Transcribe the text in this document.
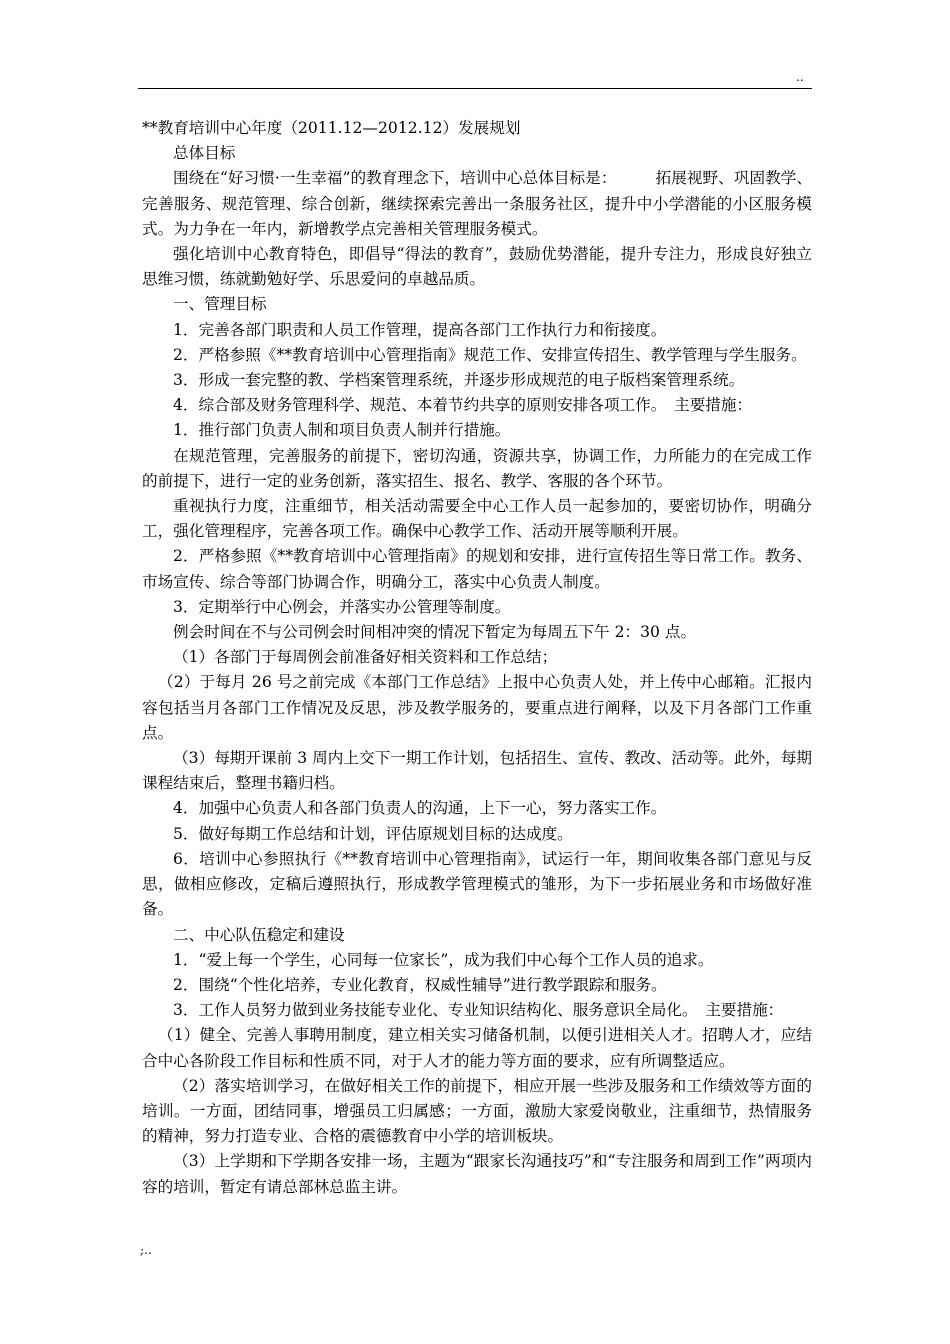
..

**教育培训中心年度（2011.12—2012.12）发展规划

总体目标

围绕在“好习惯·一生幸福”的教育理念下，培训中心总体目标是：　　　拓展视野、巩固教学、完善服务、规范管理、综合创新，继续探索完善出一条服务社区，提升中小学潜能的小区服务模式。为力争在一年内，新增教学点完善相关管理服务模式。

强化培训中心教育特色，即倡导“得法的教育”，鼓励优势潜能，提升专注力，形成良好独立思维习惯，练就勤勉好学、乐思爱问的卓越品质。

一、管理目标

1．完善各部门职责和人员工作管理，提高各部门工作执行力和衔接度。

2．严格参照《**教育培训中心管理指南》规范工作、安排宣传招生、教学管理与学生服务。

3．形成一套完整的教、学档案管理系统，并逐步形成规范的电子版档案管理系统。

4．综合部及财务管理科学、规范、本着节约共享的原则安排各项工作。　主要措施：

1．推行部门负责人制和项目负责人制并行措施。

在规范管理，完善服务的前提下，密切沟通，资源共享，协调工作，力所能力的在完成工作的前提下，进行一定的业务创新，落实招生、报名、教学、客服的各个环节。

重视执行力度，注重细节，相关活动需要全中心工作人员一起参加的，要密切协作，明确分工，强化管理程序，完善各项工作。确保中心教学工作、活动开展等顺利开展。

2．严格参照《**教育培训中心管理指南》的规划和安排，进行宣传招生等日常工作。教务、市场宣传、综合等部门协调合作，明确分工，落实中心负责人制度。

3．定期举行中心例会，并落实办公管理等制度。

例会时间在不与公司例会时间相冲突的情况下暂定为每周五下午 2：30 点。

（1）各部门于每周例会前准备好相关资料和工作总结；

（2）于每月 26 号之前完成《本部门工作总结》上报中心负责人处，并上传中心邮箱。汇报内容包括当月各部门工作情况及反思，涉及教学服务的，要重点进行阐释，以及下月各部门工作重点。

（3）每期开课前 3 周内上交下一期工作计划，包括招生、宣传、教改、活动等。此外，每期课程结束后，整理书籍归档。

4．加强中心负责人和各部门负责人的沟通，上下一心，努力落实工作。

5．做好每期工作总结和计划，评估原规划目标的达成度。

6．培训中心参照执行《**教育培训中心管理指南》，试运行一年，期间收集各部门意见与反思，做相应修改，定稿后遵照执行，形成教学管理模式的雏形，为下一步拓展业务和市场做好准备。

二、中心队伍稳定和建设

1．“爱上每一个学生，心同每一位家长”，成为我们中心每个工作人员的追求。

2．围绕“个性化培养，专业化教育，权威性辅导”进行教学跟踪和服务。

3．工作人员努力做到业务技能专业化、专业知识结构化、服务意识全局化。　主要措施：

（1）健全、完善人事聘用制度，建立相关实习储备机制，以便引进相关人才。招聘人才，应结合中心各阶段工作目标和性质不同，对于人才的能力等方面的要求，应有所调整适应。

（2）落实培训学习，在做好相关工作的前提下，相应开展一些涉及服务和工作绩效等方面的培训。一方面，团结同事，增强员工归属感；一方面，激励大家爱岗敬业，注重细节，热情服务的精神，努力打造专业、合格的震德教育中小学的培训板块。

（3）上学期和下学期各安排一场，主题为“跟家长沟通技巧”和“专注服务和周到工作”两项内容的培训，暂定有请总部林总监主讲。

;..
